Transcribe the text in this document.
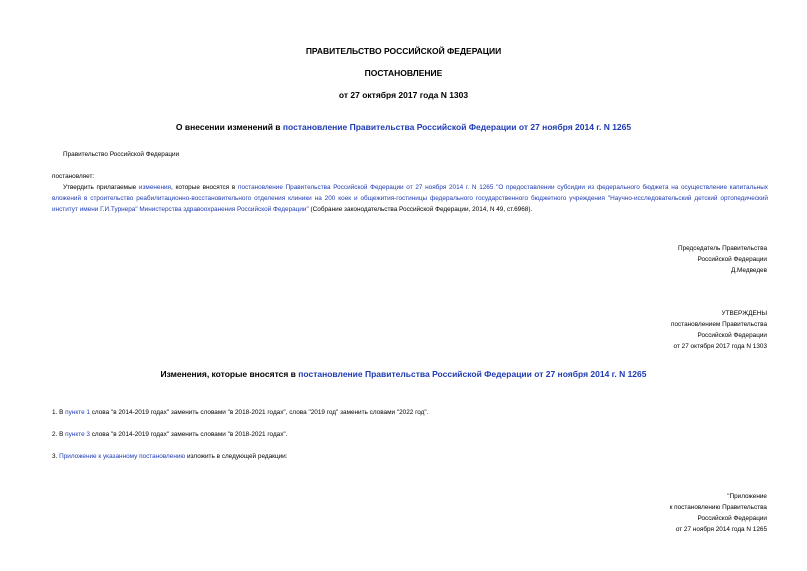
ПРАВИТЕЛЬСТВО РОССИЙСКОЙ ФЕДЕРАЦИИ
ПОСТАНОВЛЕНИЕ
от 27 октября 2017 года N 1303
О внесении изменений в постановление Правительства Российской Федерации от 27 ноября 2014 г. N 1265
Правительство Российской Федерации
постановляет:
Утвердить прилагаемые изменения, которые вносятся в постановление Правительства Российской Федерации от 27 ноября 2014 г. N 1265 "О предоставлении субсидии из федерального бюджета на осуществление капитальных вложений в строительство реабилитационно-восстановительного отделения клиники на 200 коек и общежития-гостиницы федерального государственного бюджетного учреждения "Научно-исследовательский детский ортопедический институт имени Г.И.Турнера" Министерства здравоохранения Российской Федерации" (Собрание законодательства Российской Федерации, 2014, N 49, ст.6968).
Председатель Правительства
Российской Федерации
Д.Медведев
УТВЕРЖДЕНЫ
постановлением Правительства
Российской Федерации
от 27 октября 2017 года N 1303
Изменения, которые вносятся в постановление Правительства Российской Федерации от 27 ноября 2014 г. N 1265
1. В пункте 1 слова "в 2014-2019 годах" заменить словами "в 2018-2021 годах", слова "2019 год" заменить словами "2022 год".
2. В пункте 3 слова "в 2014-2019 годах" заменить словами "в 2018-2021 годах".
3. Приложение к указанному постановлению изложить в следующей редакции:
"Приложение
к постановлению Правительства
Российской Федерации
от 27 ноября 2014 года N 1265
